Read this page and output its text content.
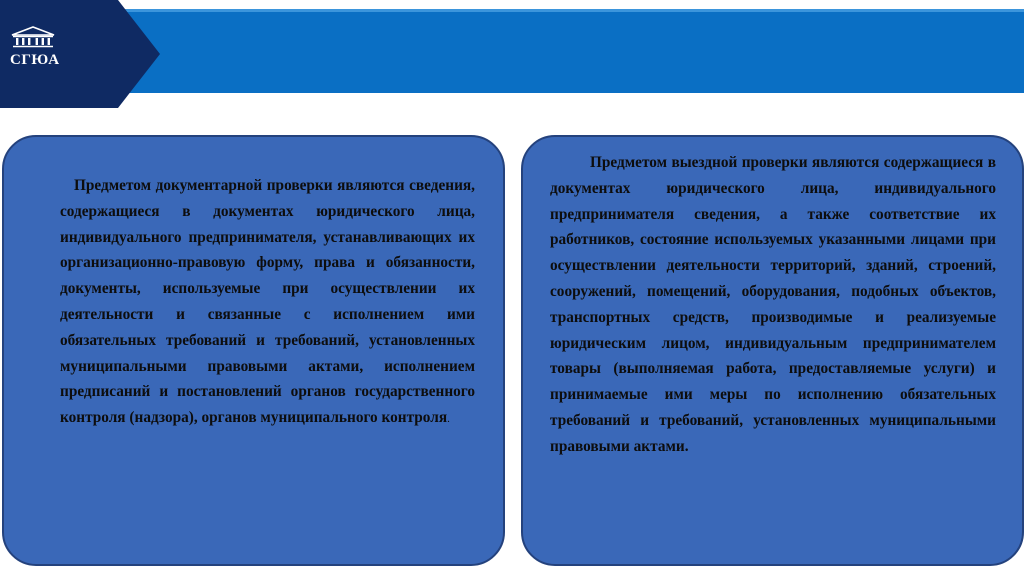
СГЮА

Предметом документарной проверки являются сведения, содержащиеся в документах юридического лица, индивидуального предпринимателя, устанавливающих их организационно-правовую форму, права и обязанности, документы, используемые при осуществлении их деятельности и связанные с исполнением ими обязательных требований и требований, установленных муниципальными правовыми актами, исполнением предписаний и постановлений органов государственного контроля (надзора), органов муниципального контроля.

Предметом выездной проверки являются содержащиеся в документах юридического лица, индивидуального предпринимателя сведения, а также соответствие их работников, состояние используемых указанными лицами при осуществлении деятельности территорий, зданий, строений, сооружений, помещений, оборудования, подобных объектов, транспортных средств, производимые и реализуемые юридическим лицом, индивидуальным предпринимателем товары (выполняемая работа, предоставляемые услуги) и принимаемые ими меры по исполнению обязательных требований и требований, установленных муниципальными правовыми актами.
